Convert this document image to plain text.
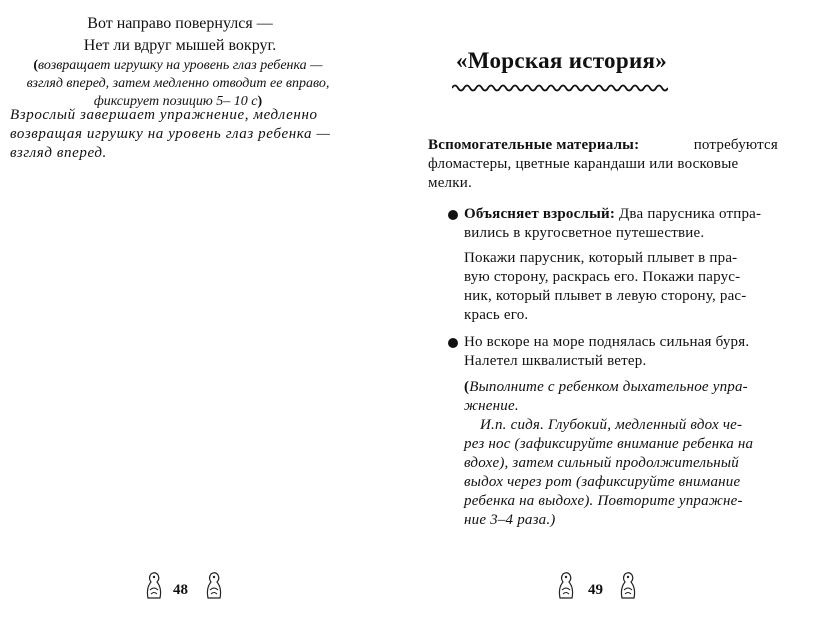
Вот направо повернулся —
Нет ли вдруг мышей вокруг.
(возвращает игрушку на уровень глаз ребенка —
взгляд вперед, затем медленно отводит ее вправо,
фиксирует позицию 5– 10 с)
Взрослый завершает упражнение, медленно
возвращая игрушку на уровень глаз ребенка —
взгляд вперед.
48
«Морская история»
Вспомогательные материалы:	потребуются
фломастеры, цветные карандаши или восковые
мелки.
Объясняет взрослый: Два парусника отпра-
вились в кругосветное путешествие.
Покажи парусник, который плывет в пра-
вую сторону, раскрась его. Покажи парус-
ник, который плывет в левую сторону, рас-
крась его.
Но вскоре на море поднялась сильная буря.
Налетел шквалистый ветер.
(Выполните с ребенком дыхательное упра-
жнение.
И.п. сидя. Глубокий, медленный вдох че-
рез нос (зафиксируйте внимание ребенка на
вдохе), затем сильный продолжительный
выдох через рот (зафиксируйте внимание
ребенка на выдохе). Повторите упражне-
ние 3–4 раза.)
49
